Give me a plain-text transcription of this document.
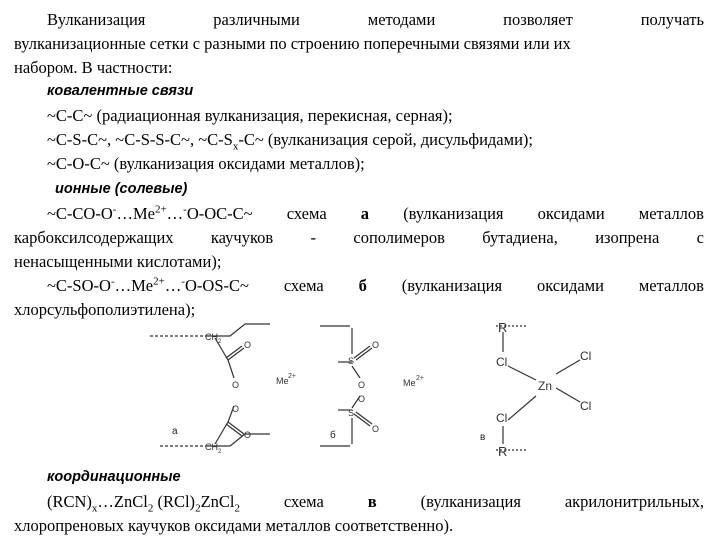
Вулканизация	различными	методами	позволяет	получать
вулканизационные сетки с разными по строению поперечными связями или их
набором. В частности:
ковалентные связи
~C-C~ (радиационная вулканизация, перекисная, серная);
~C-S-C~, ~C-S-S-C~, $\sim C-S_x-C\sim$ (вулканизация серой, дисульфидами);
~C-O-C~ (вулканизация оксидами металлов);
ионные (солевые)
$\sim C-CO-O^-\dots Me^{2+}\dots^-O-OC-C\sim$ схема а (вулканизация оксидами металлов
карбоксилсодержащих каучуков - сополимеров бутадиена, изопрена с
ненасыщенными кислотами);
$\sim C-SO-O^-\dots Me^{2+}\dots^-O-OS-C\sim$ схема б (вулканизация оксидами металлов
хлорсульфополиэтилена);
CH 2	O
O
O
O
CH 2
Me 2+
а
S
O
O
O
S
O
Me 2+
б
R
Cl
Zn
Cl
Cl
Cl
R
в
координационные
$(RCN)_x\dots ZnCl_2$ $(RCl)_2ZnCl_2$	схема	в	(вулканизация	акрилонитрильных,
хлоропреновых каучуков оксидами металлов соответственно).
